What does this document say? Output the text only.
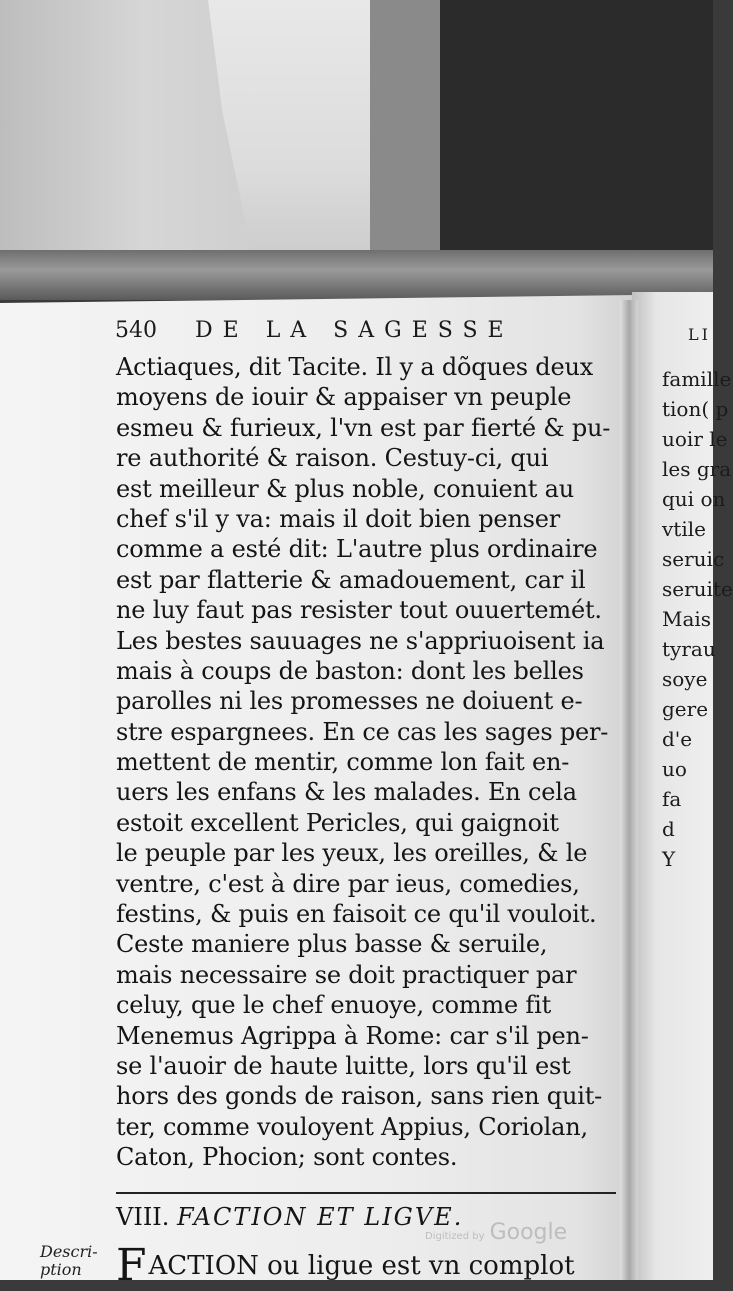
540 DE LA SAGESSE
Actiaques, dit Tacite. Il y a dõques deux
moyens de iouir & appaiser vn peuple
esmeu & furieux, l'vn est par fierté & pu-
re authorité & raison. Cestuy-ci, qui
est meilleur & plus noble, conuient au
chef s'il y va: mais il doit bien penser
comme a esté dit: L'autre plus ordinaire
est par flatterie & amadouement, car il
ne luy faut pas resister tout ouuertemét.
Les bestes sauuages ne s'appriuoisent ia
mais à coups de baston: dont les belles
parolles ni les promesses ne doiuent e-
stre espargnees. En ce cas les sages per-
mettent de mentir, comme lon fait en-
uers les enfans & les malades. En cela
estoit excellent Pericles, qui gaignoit
le peuple par les yeux, les oreilles, & le
ventre, c'est à dire par ieus, comedies,
festins, & puis en faisoit ce qu'il vouloit.
Ceste maniere plus basse & seruile,
mais necessaire se doit practiquer par
celuy, que le chef enuoye, comme fit
Menemus Agrippa à Rome: car s'il pen-
se l'auoir de haute luitte, lors qu'il est
hors des gonds de raison, sans rien quit-
ter, comme vouloyent Appius, Coriolan,
Caton, Phocion; sont contes.
VIII. FACTION ET LIGVE.
Descri-
ption FACTION ou ligue est vn complot
Digitized by Google
LI
famille
tion( p
uoir le
les gra
qui on
vtile
seruic
seruite
Mais
tyrau
soye
gere
d'e
uo
fa
d
Y
